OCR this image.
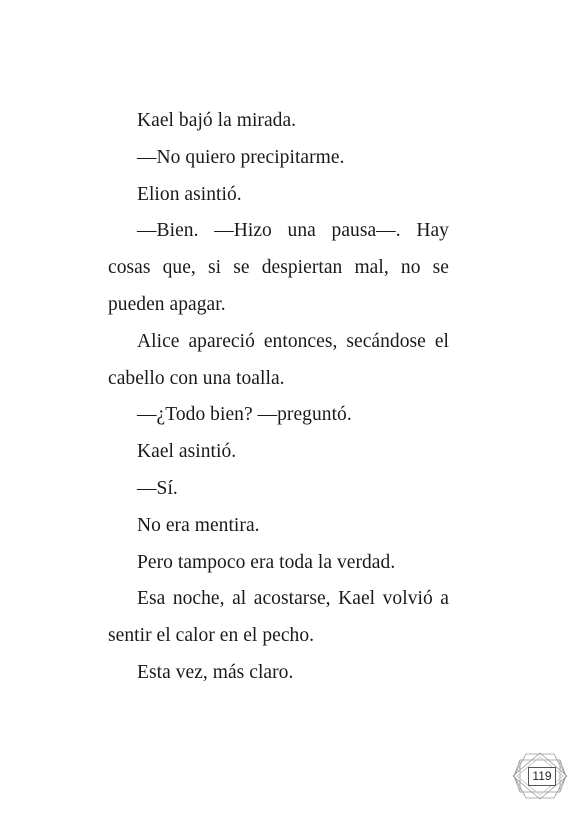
Kael bajó la mirada.

—No quiero precipitarme.

Elion asintió.

—Bien. —Hizo una pausa—. Hay cosas que, si se despiertan mal, no se pueden apagar.

Alice apareció entonces, secándose el cabello con una toalla.

—¿Todo bien? —preguntó.

Kael asintió.

—Sí.

No era mentira.

Pero tampoco era toda la verdad.

Esa noche, al acostarse, Kael volvió a sentir el calor en el pecho.

Esta vez, más claro.

119
